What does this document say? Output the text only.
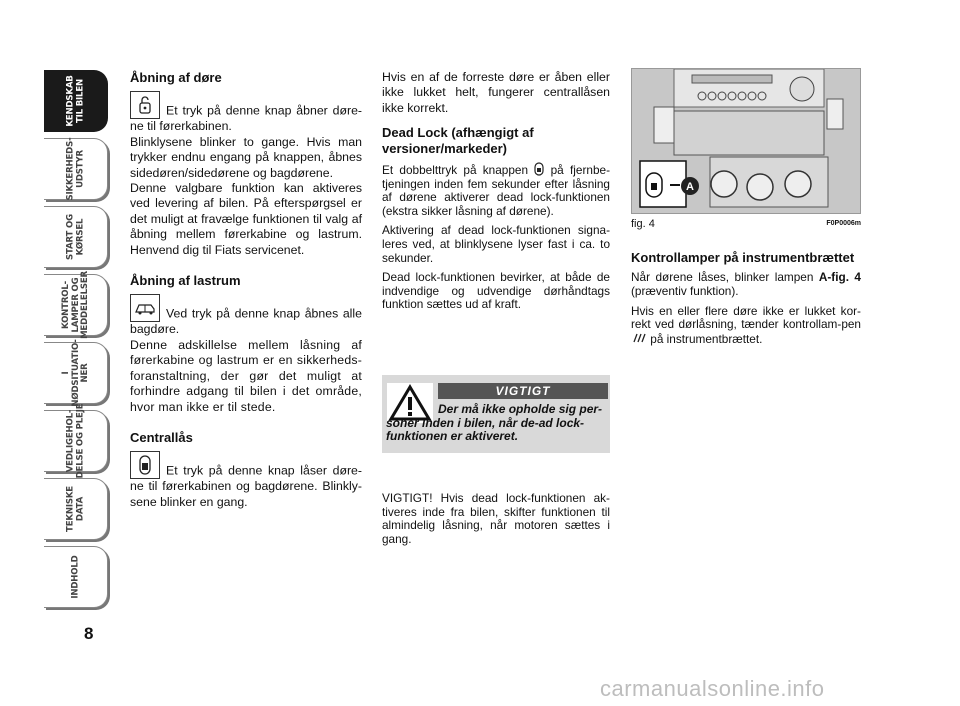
KENDSKAB
TIL BILEN
SIKKERHEDS-
UDSTYR
START OG
KØRSEL
KONTROL-
LAMPER OG
MEDDELELSER
I
NØDSITUATIO-
NER
VEDLIGEHOL-
DELSE OG PLEJE
TEKNISKE
DATA
INDHOLD
8

Åbning af døre

Et tryk på denne knap åbner døre-ne til førerkabinen.

Blinklysene blinker to gange. Hvis man trykker endnu engang på knappen, åbnes sidedøren/sidedørene og bagdørene.

Denne valgbare funktion kan aktiveres ved levering af bilen. På efterspørgsel er det muligt at fravælge funktionen til valg af åbning mellem førerkabine og lastrum. Henvend dig til Fiats servicenet.

Åbning af lastrum

Ved tryk på denne knap åbnes alle bagdøre.

Denne adskillelse mellem låsning af førerkabine og lastrum er en sikkerheds-foranstaltning, der gør det muligt at forhindre adgang til bilen i det område, hvor man ikke er til stede.

Centrallås

Et tryk på denne knap låser døre-ne til førerkabinen og bagdørene. Blinkly-sene blinker en gang.

Hvis en af de forreste døre er åben eller ikke lukket helt, fungerer centrallåsen ikke korrekt.

Dead Lock (afhængigt af versioner/markeder)

Et dobbelttryk på knappen på fjernbe-tjeningen inden fem sekunder efter låsning af dørene aktiverer dead lock-funktionen (ekstra sikker låsning af dørene).

Aktivering af dead lock-funktionen signa-leres ved, at blinklysene lyser fast i ca. to sekunder.

Dead lock-funktionen bevirker, at både de indvendige og udvendige dørhåndtags funktion sættes ud af kraft.

VIGTIGT
Der må ikke opholde sig per-soner inden i bilen, når de-ad lock-funktionen er aktiveret.
VIGTIGT! Hvis dead lock-funktionen ak-tiveres inde fra bilen, skifter funktionen til almindelig låsning, når motoren sættes i gang.
A
fig. 4	F0P0006m

Kontrollamper på instrumentbrættet

Når dørene låses, blinker lampen A-fig. 4 (præventiv funktion).

Hvis en eller flere døre ikke er lukket kor-rekt ved dørlåsning, tænder kontrollam-pen  på instrumentbrættet.

carmanualsonline.info
